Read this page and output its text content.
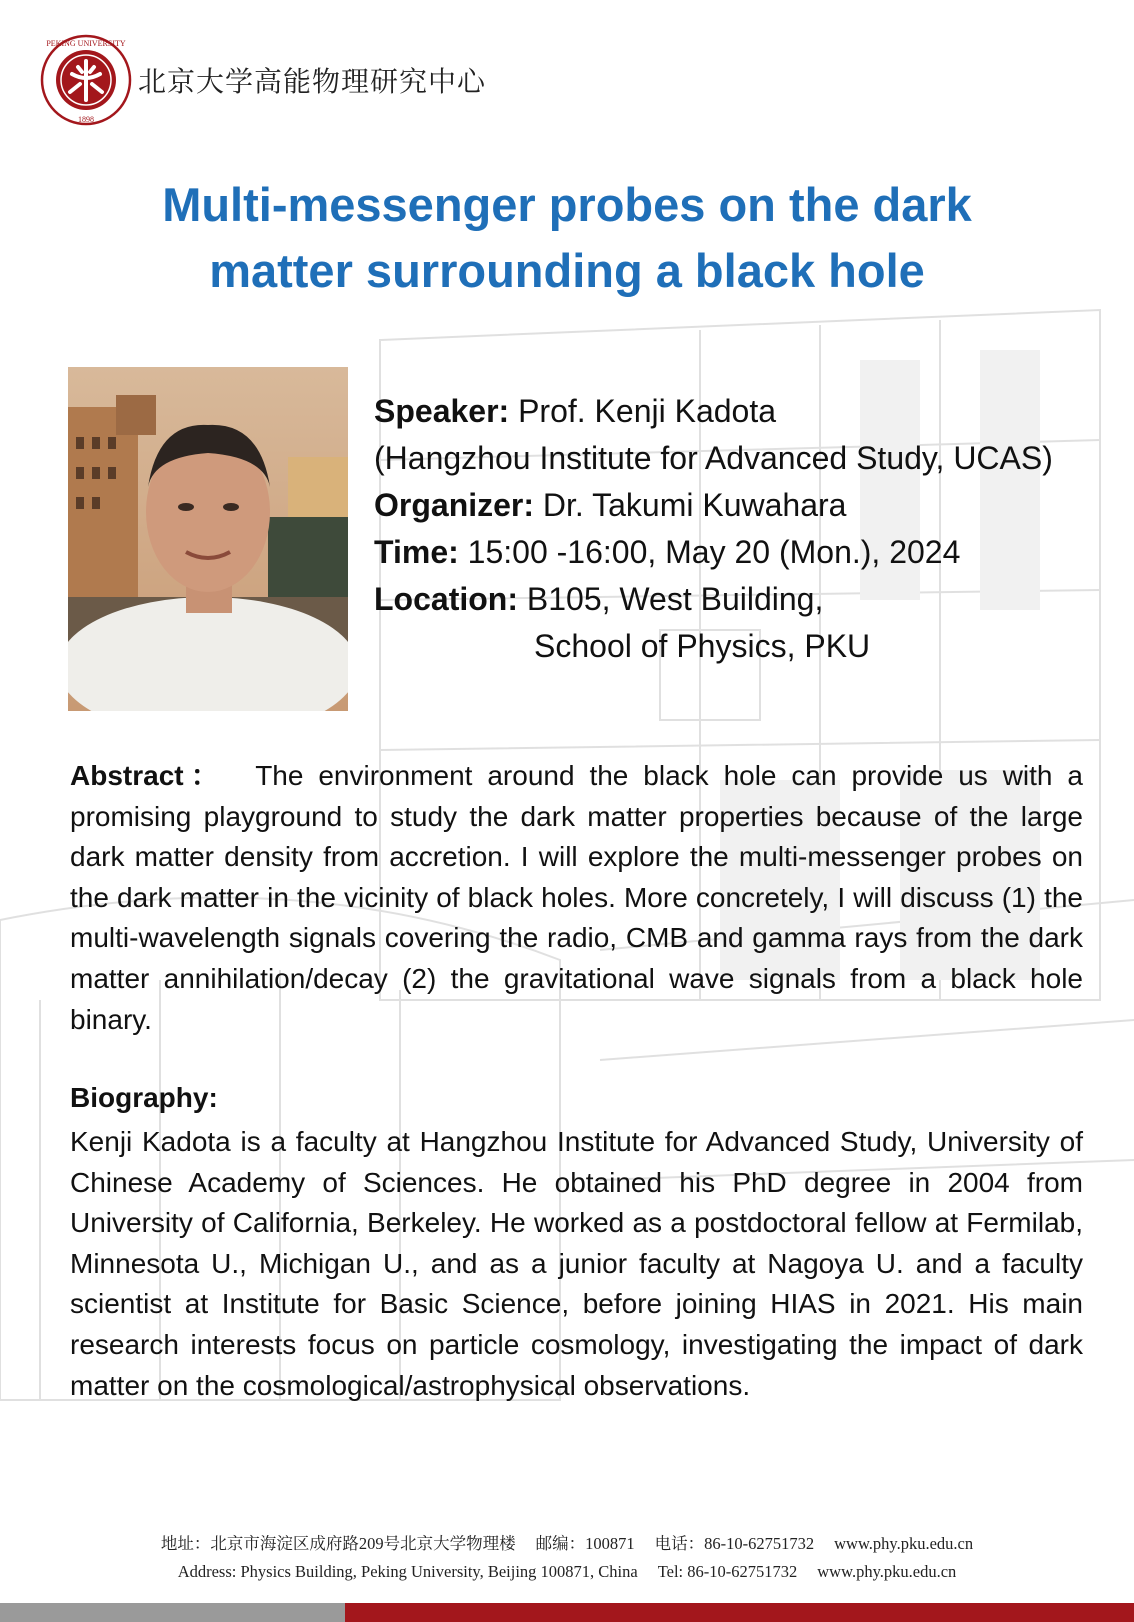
PEKING UNIVERSITY
1898
北京大学高能物理研究中心
Multi-messenger probes on the dark
matter surrounding a black hole
Speaker: Prof. Kenji Kadota
(Hangzhou Institute for Advanced Study, UCAS)
Organizer: Dr. Takumi Kuwahara
Time: 15:00 -16:00, May 20 (Mon.), 2024
Location: B105, West Building,
School of Physics, PKU
Abstract： The environment around the black hole can provide us with a promising playground to study the dark matter properties because of the large dark matter density from accretion. I will explore the multi-messenger probes on the dark matter in the vicinity of black holes. More concretely, I will discuss (1) the multi-wavelength signals covering the radio, CMB and gamma rays from the dark matter annihilation/decay (2) the gravitational wave signals from a black hole binary.
Biography:
Kenji Kadota is a faculty at Hangzhou Institute for Advanced Study, University of Chinese Academy of Sciences. He obtained his PhD degree in 2004 from University of California, Berkeley. He worked as a postdoctoral fellow at Fermilab, Minnesota U., Michigan U., and as a junior faculty at Nagoya U. and a faculty scientist at Institute for Basic Science, before joining HIAS in 2021. His main research interests focus on particle cosmology, investigating the impact of dark matter on the cosmological/astrophysical observations.
地址：北京市海淀区成府路209号北京大学物理楼 邮编：100871 电话：86-10-62751732 www.phy.pku.edu.cn
Address: Physics Building, Peking University, Beijing 100871, China Tel: 86-10-62751732 www.phy.pku.edu.cn
